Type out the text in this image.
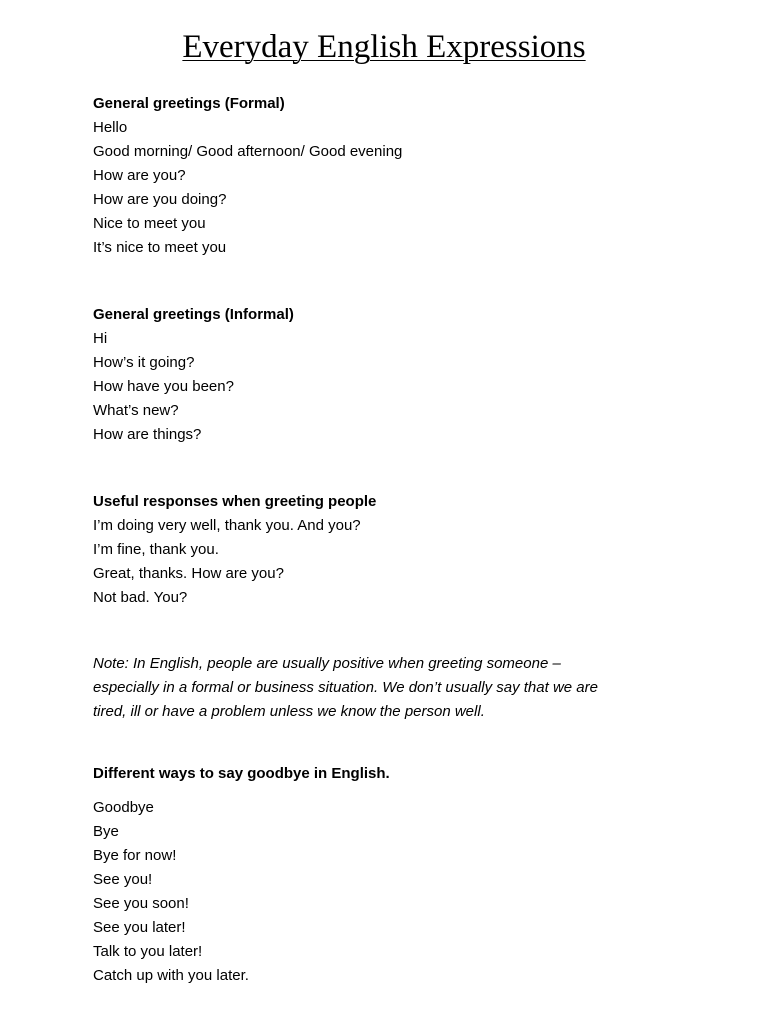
Everyday English Expressions
General greetings (Formal)
Hello
Good morning/ Good afternoon/ Good evening
How are you?
How are you doing?
Nice to meet you
It’s nice to meet you
General greetings (Informal)
Hi
How’s it going?
How have you been?
What’s new?
How are things?
Useful responses when greeting people
I’m doing very well, thank you. And you?
I’m fine, thank you.
Great, thanks. How are you?
Not bad. You?
Note: In English, people are usually positive when greeting someone –
especially in a formal or business situation. We don’t usually say that we are
tired, ill or have a problem unless we know the person well.
Different ways to say goodbye in English.
Goodbye
Bye
Bye for now!
See you!
See you soon!
See you later!
Talk to you later!
Catch up with you later.
